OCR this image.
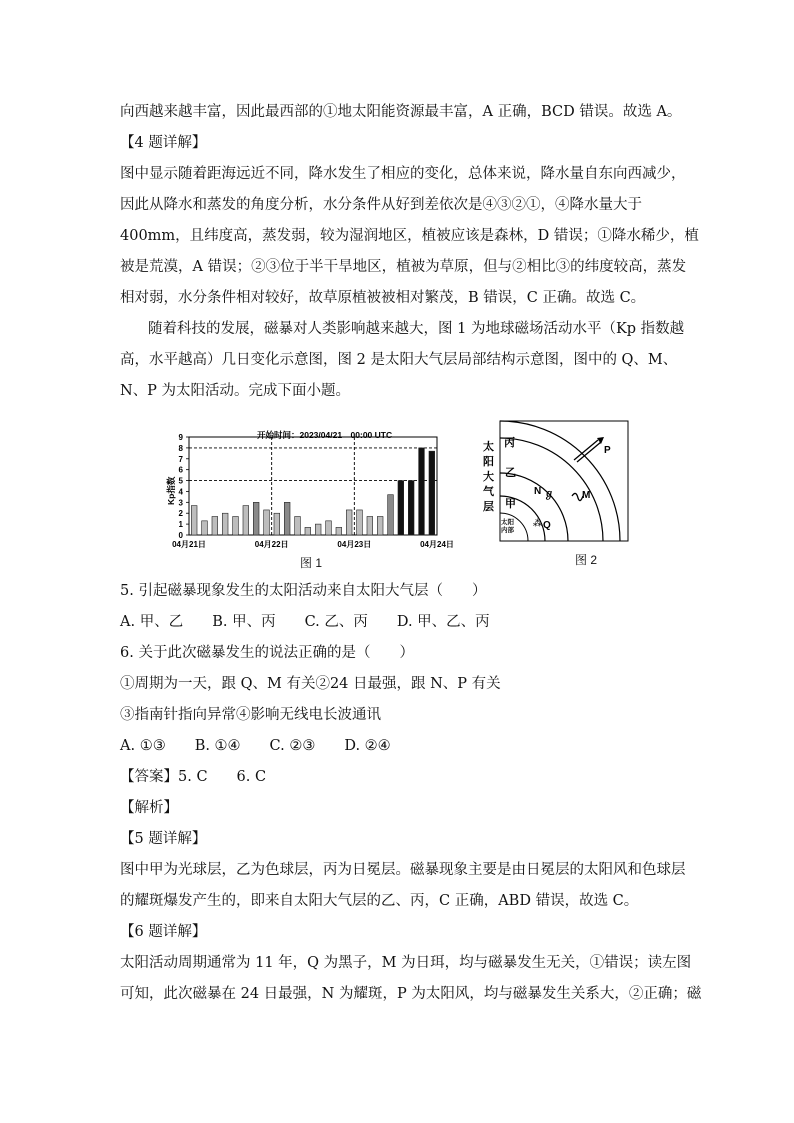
向西越来越丰富，因此最西部的①地太阳能资源最丰富，A 正确，BCD 错误。故选 A。
【4 题详解】
图中显示随着距海远近不同，降水发生了相应的变化，总体来说，降水量自东向西减少，
因此从降水和蒸发的角度分析，水分条件从好到差依次是④③②①，④降水量大于
400mm，且纬度高，蒸发弱，较为湿润地区，植被应该是森林，D 错误；①降水稀少，植
被是荒漠，A 错误；②③位于半干旱地区，植被为草原，但与②相比③的纬度较高，蒸发
相对弱，水分条件相对较好，故草原植被被相对繁茂，B 错误，C 正确。故选 C。
随着科技的发展，磁暴对人类影响越来越大，图 1 为地球磁场活动水平（Kp 指数越
高，水平越高）几日变化示意图，图 2 是太阳大气层局部结构示意图，图中的 Q、M、
N、P 为太阳活动。完成下面小题。
0
1
2
3
4
5
6
7
8
9
04月21日	04月22日	04月23日	04月24日
开始时间：2023/04/21　00:00 UTC
Kp指数
图 1
太
阳
大
气
层
丙
乙
甲
太阳内部
N ℊ
⁂ Q
M
P
图 2
5. 引起磁暴现象发生的太阳活动来自太阳大气层（　　）
A. 甲、乙　　B. 甲、丙　　C. 乙、丙　　D. 甲、乙、丙
6. 关于此次磁暴发生的说法正确的是（　　）
①周期为一天，跟 Q、M 有关②24 日最强，跟 N、P 有关
③指南针指向异常④影响无线电长波通讯
A. ①③　　B. ①④　　C. ②③　　D. ②④
【答案】5. C　　6. C
【解析】
【5 题详解】
图中甲为光球层，乙为色球层，丙为日冕层。磁暴现象主要是由日冕层的太阳风和色球层
的耀斑爆发产生的，即来自太阳大气层的乙、丙，C 正确，ABD 错误，故选 C。
【6 题详解】
太阳活动周期通常为 11 年，Q 为黑子，M 为日珥，均与磁暴发生无关，①错误；读左图
可知，此次磁暴在 24 日最强，N 为耀斑，P 为太阳风，均与磁暴发生关系大，②正确；磁
